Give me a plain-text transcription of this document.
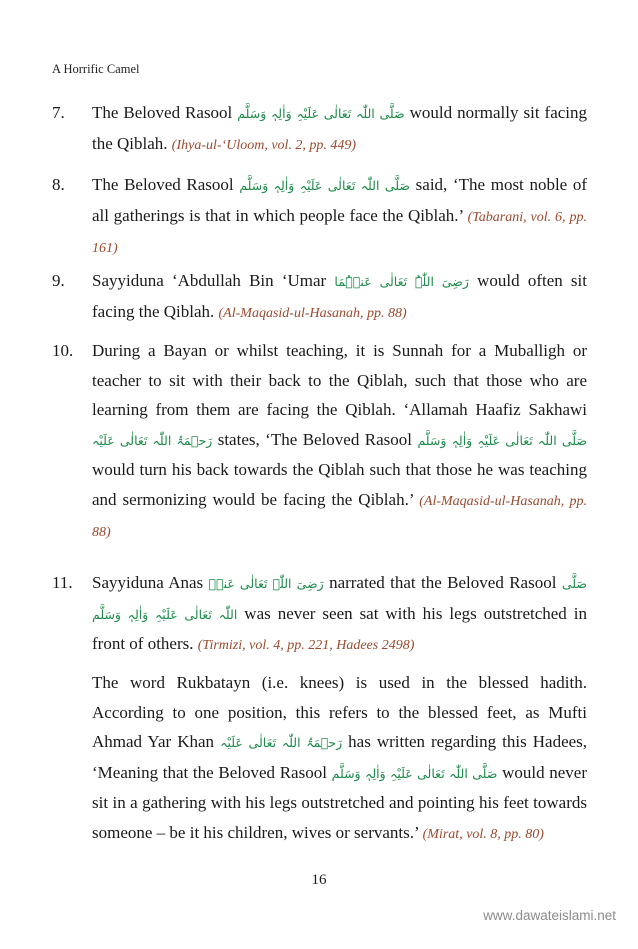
A Horrific Camel
7. The Beloved Rasool صَلَّی اللّٰہ تَعَالٰی عَلَیْہِ وَاٰلِہٖ وَسَلَّم would normally sit facing the Qiblah. (Ihya-ul-‘Uloom, vol. 2, pp. 449)
8. The Beloved Rasool صَلَّی اللّٰہ تَعَالٰی عَلَیْہِ وَاٰلِہٖ وَسَلَّم said, ‘The most noble of all gatherings is that in which people face the Qiblah.’ (Tabarani, vol. 6, pp. 161)
9. Sayyiduna ‘Abdullah Bin ‘Umar رَضِیَ اللّٰہُ تَعَالٰی عَنۡہُمَا would often sit facing the Qiblah. (Al-Maqasid-ul-Hasanah, pp. 88)
10. During a Bayan or whilst teaching, it is Sunnah for a Muballigh or teacher to sit with their back to the Qiblah, such that those who are learning from them are facing the Qiblah. ‘Allamah Haafiz Sakhawi رَحۡمَۃُ اللّٰہ تَعَالٰی عَلَیْہ states, ‘The Beloved Rasool صَلَّی اللّٰہ تَعَالٰی عَلَیْہِ وَاٰلِہٖ وَسَلَّم would turn his back towards the Qiblah such that those he was teaching and sermonizing would be facing the Qiblah.’ (Al-Maqasid-ul-Hasanah, pp. 88)
11. Sayyiduna Anas رَضِیَ اللّٰہ تَعَالٰی عَنۡہ narrated that the Beloved Rasool صَلَّی اللّٰہ تَعَالٰی عَلَیْہِ وَاٰلِہٖ وَسَلَّم was never seen sat with his legs outstretched in front of others. (Tirmizi, vol. 4, pp. 221, Hadees 2498)
The word Rukbatayn (i.e. knees) is used in the blessed hadith. According to one position, this refers to the blessed feet, as Mufti Ahmad Yar Khan رَحۡمَۃُ اللّٰہ تَعَالٰی عَلَیْہ has written regarding this Hadees, ‘Meaning that the Beloved Rasool صَلَّی اللّٰہ تَعَالٰی عَلَیْہِ وَاٰلِہٖ وَسَلَّم would never sit in a gathering with his legs outstretched and pointing his feet towards someone – be it his children, wives or servants.’ (Mirat, vol. 8, pp. 80)
16
www.dawateislami.net
